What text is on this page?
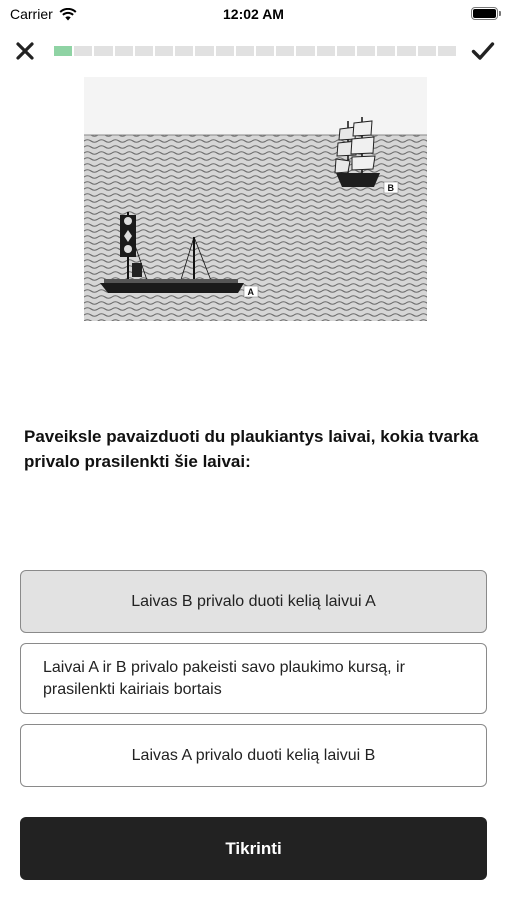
Carrier	12:02 AM
B
A
Paveiksle pavaizduoti du plaukiantys laivai, kokia tvarka privalo prasilenkti šie laivai:
Laivas B privalo duoti kelią laivui A
Laivai A ir B privalo pakeisti savo plaukimo kursą, ir prasilenkti kairiais bortais
Laivas A privalo duoti kelią laivui B
Tikrinti
